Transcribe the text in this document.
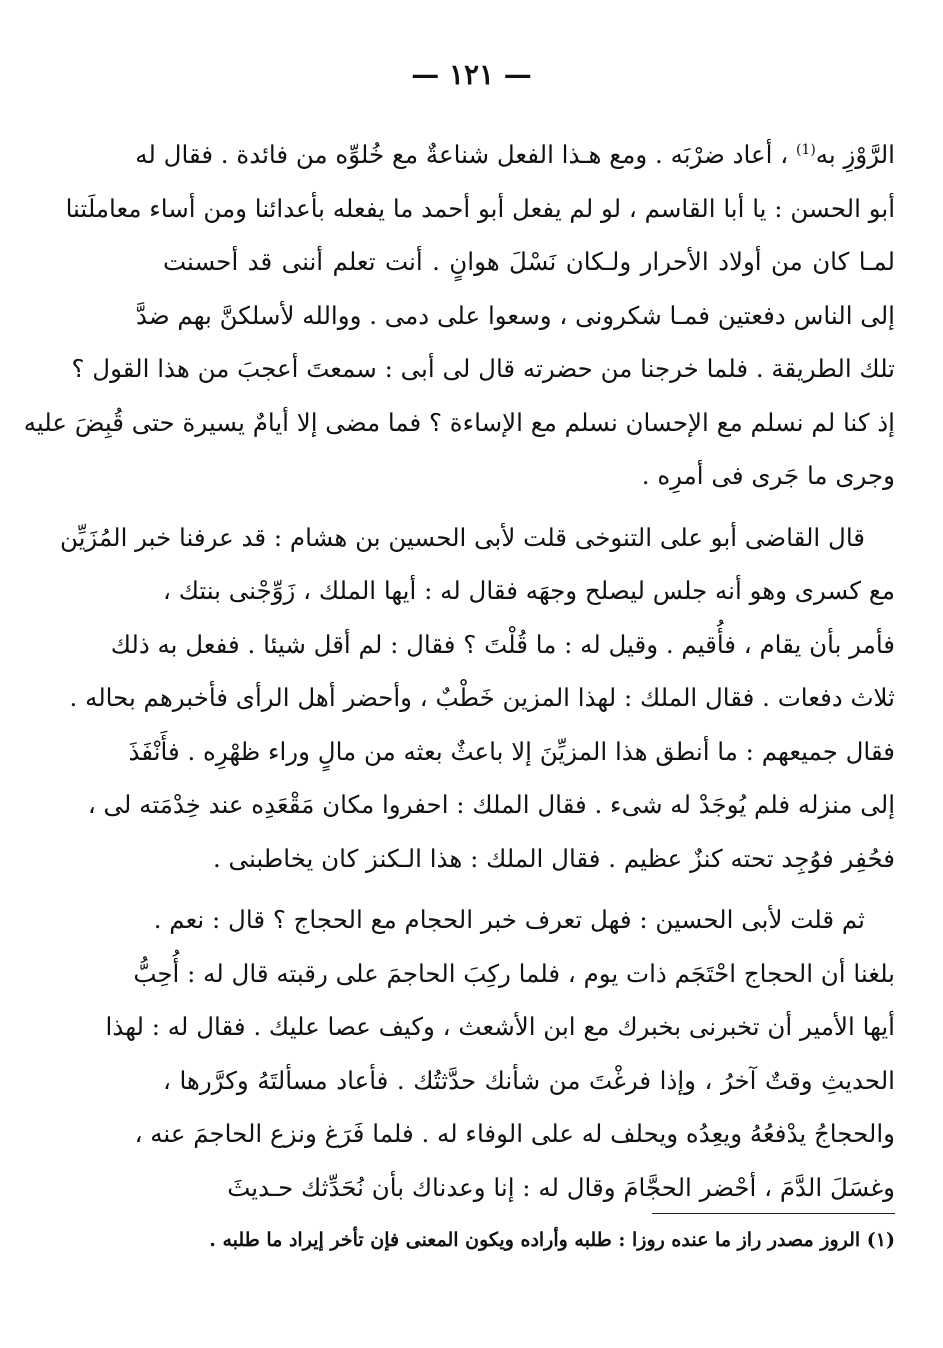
— ١٢١ —
الرَّوْزِ به$^{(1)}$ ، أعاد ضرْبَه . ومع هـذا الفعل شناعةٌ مع خُلوِّه من فائدة . فقال له
أبو الحسن : يا أبا القاسم ، لو لم يفعل أبو أحمد ما يفعله بأعدائنا ومن أساء معاملَتنا
لمـا كان من أولاد الأحرار ولـكان نَسْلَ هوانٍ . أنت تعلم أننى قد أحسنت
إلى الناس دفعتين فمـا شكرونى ، وسعوا على دمى . ووالله لأسلكنَّ بهم ضدَّ
تلك الطريقة . فلما خرجنا من حضرته قال لى أبى : سمعتَ أعجبَ من هذا القول ؟
إذ كنا لم نسلم مع الإحسان نسلم مع الإساءة ؟ فما مضى إلا أيامٌ يسيرة حتى قُبِضَ عليه
وجرى ما جَرى فى أمرِه .
قال القاضى أبو على التنوخى قلت لأبى الحسين بن هشام : قد عرفنا خبر المُزَيِّن
مع كسرى وهو أنه جلس ليصلح وجهَه فقال له : أيها الملك ، زَوِّجْنى بنتك ،
فأمر بأن يقام ، فأُقيم . وقيل له : ما قُلْتَ ؟ فقال : لم أقل شيئا . ففعل به ذلك
ثلاث دفعات . فقال الملك : لهذا المزين خَطْبٌ ، وأحضر أهل الرأى فأخبرهم بحاله .
فقال جميعهم : ما أنطق هذا المزيِّنَ إلا باعثٌ بعثه من مالٍ وراء ظهْرِه . فأَنْفَذَ
إلى منزله فلم يُوجَدْ له شىء . فقال الملك : احفروا مكان مَقْعَدِه عند خِدْمَته لى ،
فحُفِر فوُجِد تحته كنزٌ عظيم . فقال الملك : هذا الـكنز كان يخاطبنى .
ثم قلت لأبى الحسين : فهل تعرف خبر الحجام مع الحجاج ؟ قال : نعم .
بلغنا أن الحجاج احْتَجَم ذات يوم ، فلما ركِبَ الحاجمَ على رقبته قال له : أُحِبُّ
أيها الأمير أن تخبرنى بخبرك مع ابن الأشعث ، وكيف عصا عليك . فقال له : لهذا
الحديثِ وقتٌ آخرُ ، وإذا فرغْتَ من شأنك حدَّثتُك . فأعاد مسألتَهُ وكرَّرها ،
والحجاجُ يدْفعُهُ ويعِدُه ويحلف له على الوفاء له . فلما فَرَغ ونزع الحاجمَ عنه ،
وغسَلَ الدَّمَ ، أحْضر الحجَّامَ وقال له : إنا وعدناك بأن نُحَدِّثك حـديثَ
(١) الروز مصدر راز ما عنده روزا : طلبه وأراده ويكون المعنى فإن تأخر إيراد ما طلبه .
